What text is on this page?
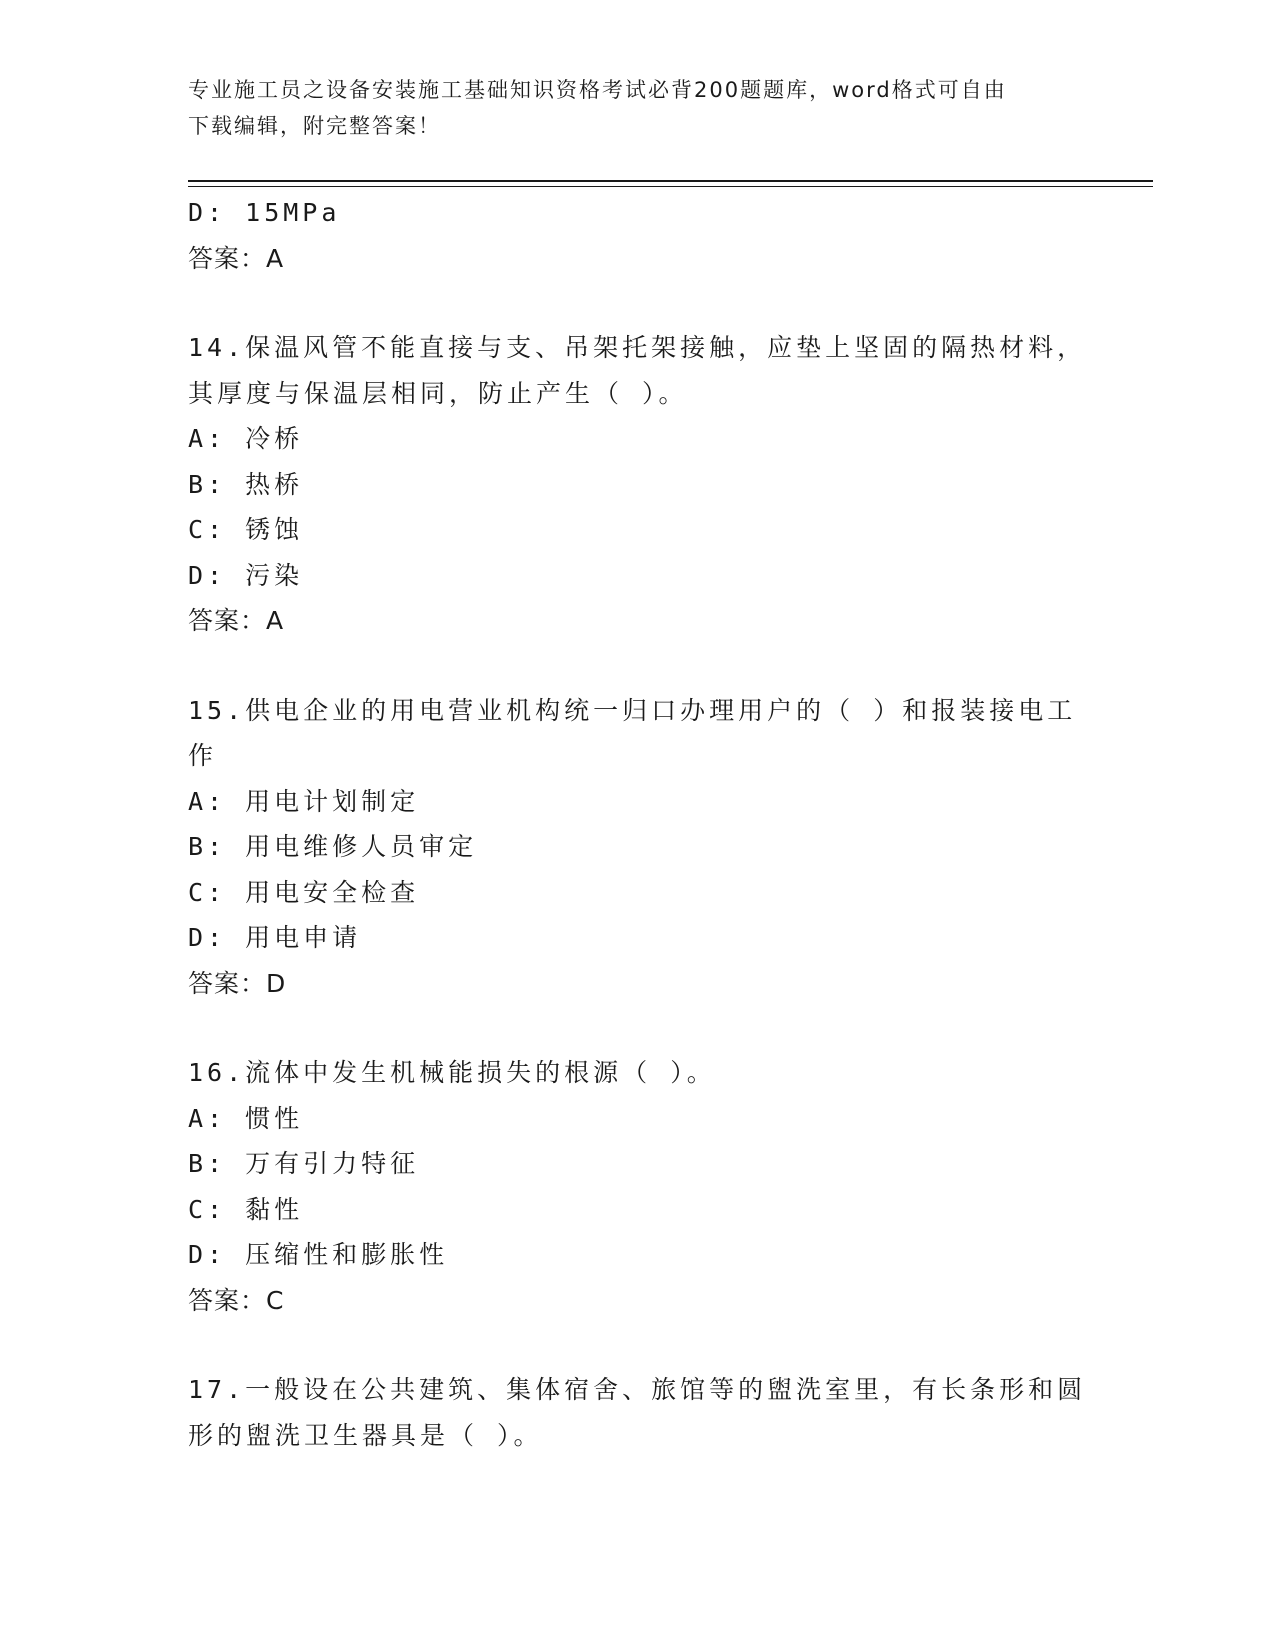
专业施工员之设备安装施工基础知识资格考试必背200题题库，word格式可自由
下载编辑，附完整答案！
D: 15MPa
答案：A
14.保温风管不能直接与支、吊架托架接触，应垫上坚固的隔热材料，
其厚度与保温层相同，防止产生（ ）。
A: 冷桥
B: 热桥
C: 锈蚀
D: 污染
答案：A
15.供电企业的用电营业机构统一归口办理用户的（ ）和报装接电工
作
A: 用电计划制定
B: 用电维修人员审定
C: 用电安全检查
D: 用电申请
答案：D
16.流体中发生机械能损失的根源（ ）。
A: 惯性
B: 万有引力特征
C: 黏性
D: 压缩性和膨胀性
答案：C
17.一般设在公共建筑、集体宿舍、旅馆等的盥洗室里，有长条形和圆
形的盥洗卫生器具是（ ）。
